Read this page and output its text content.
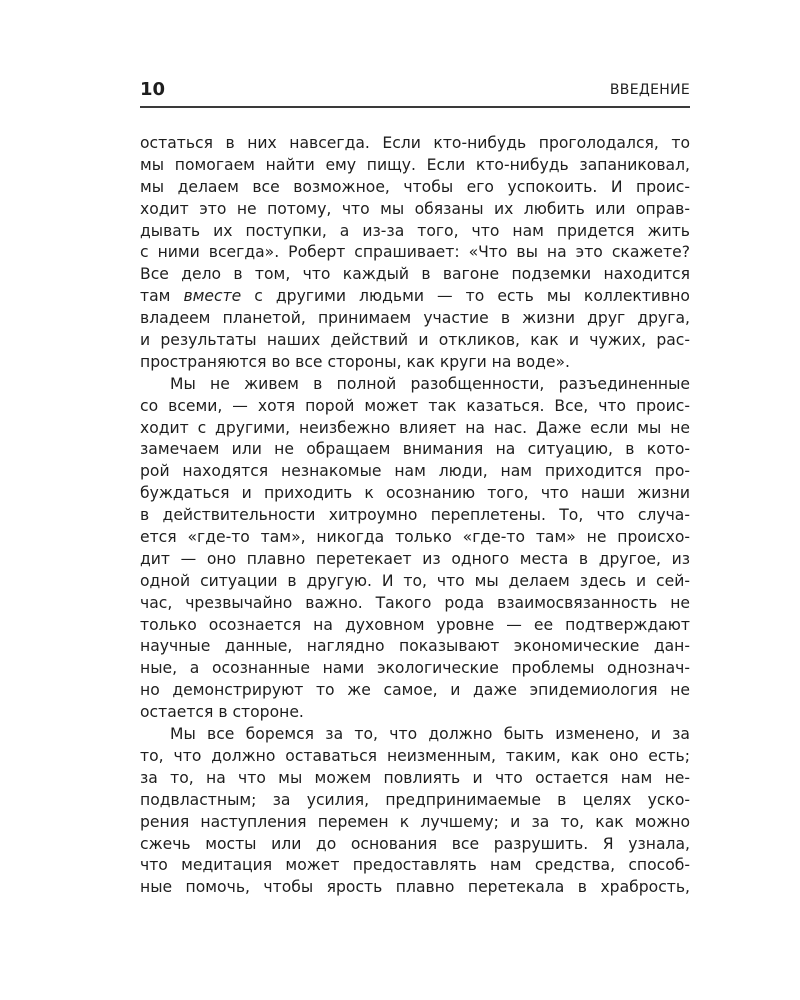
10	ВВЕДЕНИЕ
остаться в них навсегда. Если кто-нибудь проголодался, то
мы помогаем найти ему пищу. Если кто-нибудь запаниковал,
мы делаем все возможное, чтобы его успокоить. И проис-
ходит это не потому, что мы обязаны их любить или оправ-
дывать их поступки, а из-за того, что нам придется жить
с ними всегда». Роберт спрашивает: «Что вы на это скажете?
Все дело в том, что каждый в вагоне подземки находится
там вместе с другими людьми — то есть мы коллективно
владеем планетой, принимаем участие в жизни друг друга,
и результаты наших действий и откликов, как и чужих, рас-
пространяются во все стороны, как круги на воде».
Мы не живем в полной разобщенности, разъединенные
со всеми, — хотя порой может так казаться. Все, что проис-
ходит с другими, неизбежно влияет на нас. Даже если мы не
замечаем или не обращаем внимания на ситуацию, в кото-
рой находятся незнакомые нам люди, нам приходится про-
буждаться и приходить к осознанию того, что наши жизни
в действительности хитроумно переплетены. То, что случа-
ется «где-то там», никогда только «где-то там» не происхо-
дит — оно плавно перетекает из одного места в другое, из
одной ситуации в другую. И то, что мы делаем здесь и сей-
час, чрезвычайно важно. Такого рода взаимосвязанность не
только осознается на духовном уровне — ее подтверждают
научные данные, наглядно показывают экономические дан-
ные, а осознанные нами экологические проблемы однознач-
но демонстрируют то же самое, и даже эпидемиология не
остается в стороне.
Мы все боремся за то, что должно быть изменено, и за
то, что должно оставаться неизменным, таким, как оно есть;
за то, на что мы можем повлиять и что остается нам не-
подвластным; за усилия, предпринимаемые в целях уско-
рения наступления перемен к лучшему; и за то, как можно
сжечь мосты или до основания все разрушить. Я узнала,
что медитация может предоставлять нам средства, способ-
ные помочь, чтобы ярость плавно перетекала в храбрость,
